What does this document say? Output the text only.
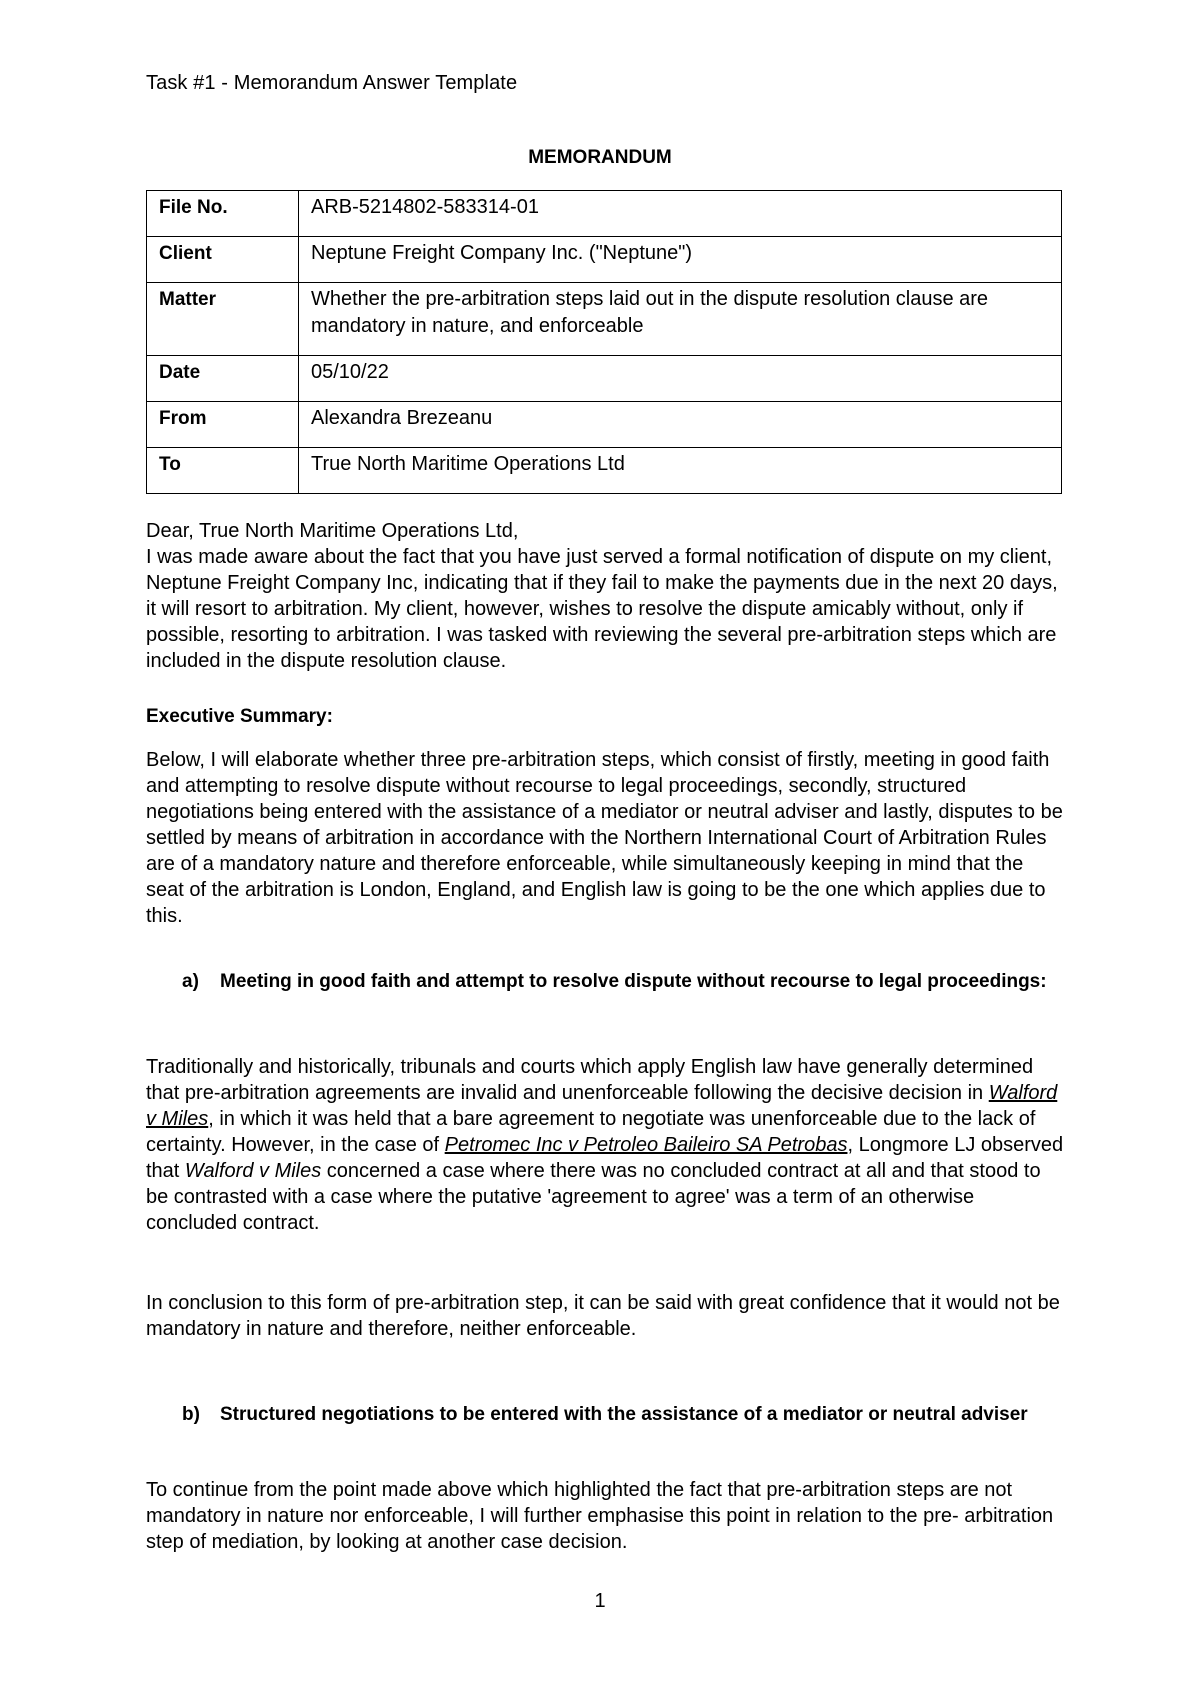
Task #1 - Memorandum Answer Template
MEMORANDUM
File No.	ARB-5214802-583314-01
Client	Neptune Freight Company Inc. ("Neptune")
Matter	Whether the pre-arbitration steps laid out in the dispute resolution clause are mandatory in nature, and enforceable
Date	05/10/22
From	Alexandra Brezeanu
To	True North Maritime Operations Ltd
Dear, True North Maritime Operations Ltd,
I was made aware about the fact that you have just served a formal notification of dispute on my client, Neptune Freight Company Inc, indicating that if they fail to make the payments due in the next 20 days, it will resort to arbitration. My client, however, wishes to resolve the dispute amicably without, only if possible, resorting to arbitration. I was tasked with reviewing the several pre-arbitration steps which are included in the dispute resolution clause.
Executive Summary:
Below, I will elaborate whether three pre-arbitration steps, which consist of firstly, meeting in good faith and attempting to resolve dispute without recourse to legal proceedings, secondly, structured negotiations being entered with the assistance of a mediator or neutral adviser and lastly, disputes to be settled by means of arbitration in accordance with the Northern International Court of Arbitration Rules are of a mandatory nature and therefore enforceable, while simultaneously keeping in mind that the seat of the arbitration is London, England, and English law is going to be the one which applies due to this.
a) Meeting in good faith and attempt to resolve dispute without recourse to legal proceedings:
Traditionally and historically, tribunals and courts which apply English law have generally determined that pre-arbitration agreements are invalid and unenforceable following the decisive decision in Walford v Miles, in which it was held that a bare agreement to negotiate was unenforceable due to the lack of certainty. However, in the case of Petromec Inc v Petroleo Baileiro SA Petrobas, Longmore LJ observed that Walford v Miles concerned a case where there was no concluded contract at all and that stood to be contrasted with a case where the putative 'agreement to agree' was a term of an otherwise concluded contract.
In conclusion to this form of pre-arbitration step, it can be said with great confidence that it would not be mandatory in nature and therefore, neither enforceable.
b) Structured negotiations to be entered with the assistance of a mediator or neutral adviser
To continue from the point made above which highlighted the fact that pre-arbitration steps are not mandatory in nature nor enforceable, I will further emphasise this point in relation to the pre- arbitration step of mediation, by looking at another case decision.
1
